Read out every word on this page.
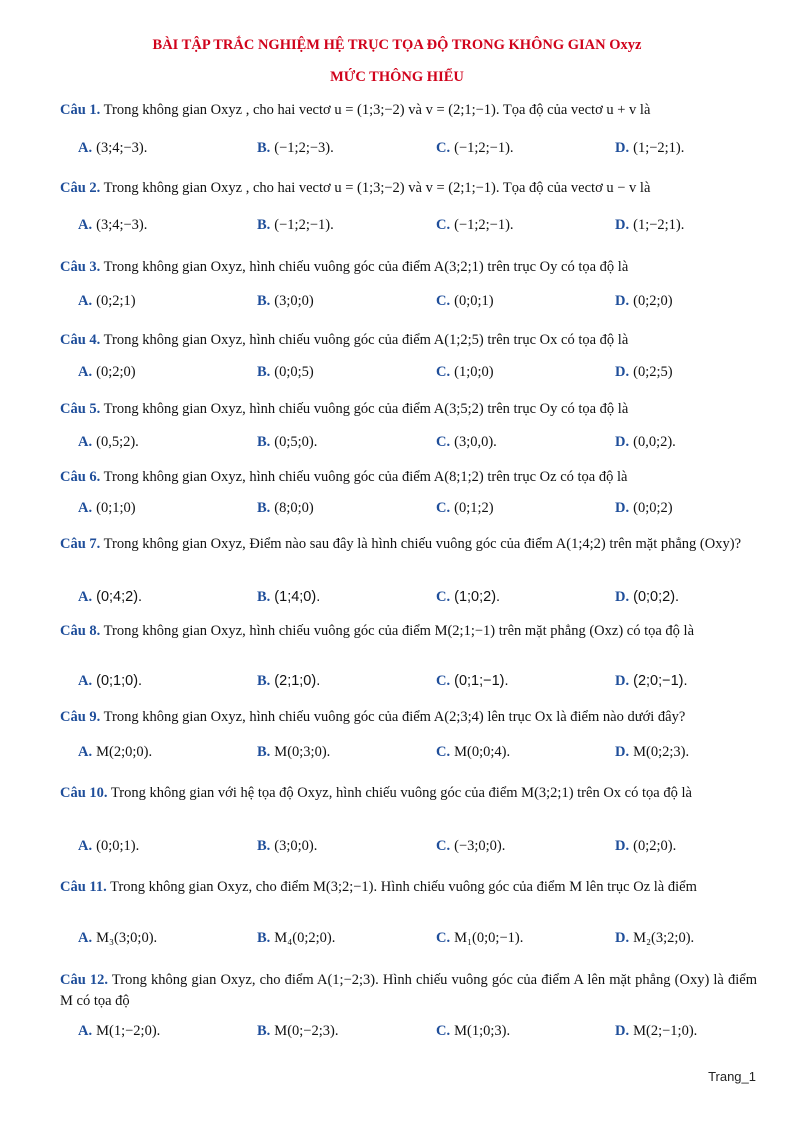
BÀI TẬP TRẮC NGHIỆM HỆ TRỤC TỌA ĐỘ TRONG KHÔNG GIAN Oxyz
MỨC THÔNG HIỂU
Câu 1. Trong không gian Oxyz , cho hai vectơ u = (1;3;−2) và v = (2;1;−1). Tọa độ của vectơ u + v là
A. (3;4;−3).	B. (−1;2;−3).	C. (−1;2;−1).	D. (1;−2;1).
Câu 2. Trong không gian Oxyz , cho hai vectơ u = (1;3;−2) và v = (2;1;−1). Tọa độ của vectơ u − v là
A. (3;4;−3).	B. (−1;2;−1).	C. (−1;2;−1).	D. (1;−2;1).
Câu 3. Trong không gian Oxyz, hình chiếu vuông góc của điểm A(3;2;1) trên trục Oy có tọa độ là
A. (0;2;1)	B. (3;0;0)	C. (0;0;1)	D. (0;2;0)
Câu 4. Trong không gian Oxyz, hình chiếu vuông góc của điểm A(1;2;5) trên trục Ox có tọa độ là
A. (0;2;0)	B. (0;0;5)	C. (1;0;0)	D. (0;2;5)
Câu 5. Trong không gian Oxyz, hình chiếu vuông góc của điểm A(3;5;2) trên trục Oy có tọa độ là
A. (0,5;2).	B. (0;5;0).	C. (3;0,0).	D. (0,0;2).
Câu 6. Trong không gian Oxyz, hình chiếu vuông góc của điểm A(8;1;2) trên trục Oz có tọa độ là
A. (0;1;0)	B. (8;0;0)	C. (0;1;2)	D. (0;0;2)
Câu 7. Trong không gian Oxyz, Điểm nào sau đây là hình chiếu vuông góc của điểm A(1;4;2) trên mặt phẳng (Oxy)?
A. (0;4;2).	B. (1;4;0).	C. (1;0;2).	D. (0;0;2).
Câu 8. Trong không gian Oxyz, hình chiếu vuông góc của điểm M(2;1;−1) trên mặt phẳng (Oxz) có tọa độ là
A. (0;1;0).	B. (2;1;0).	C. (0;1;−1).	D. (2;0;−1).
Câu 9. Trong không gian Oxyz, hình chiếu vuông góc của điểm A(2;3;4) lên trục Ox là điểm nào dưới đây?
A. M(2;0;0).	B. M(0;3;0).	C. M(0;0;4).	D. M(0;2;3).
Câu 10. Trong không gian với hệ tọa độ Oxyz, hình chiếu vuông góc của điểm M(3;2;1) trên Ox có tọa độ là
A. (0;0;1).	B. (3;0;0).	C. (−3;0;0).	D. (0;2;0).
Câu 11. Trong không gian Oxyz, cho điểm M(3;2;−1). Hình chiếu vuông góc của điểm M lên trục Oz là điểm
A. M₃(3;0;0).	B. M₄(0;2;0).	C. M₁(0;0;−1).	D. M₂(3;2;0).
Câu 12. Trong không gian Oxyz, cho điểm A(1;−2;3). Hình chiếu vuông góc của điểm A lên mặt phẳng (Oxy) là điểm M có tọa độ
A. M(1;−2;0).	B. M(0;−2;3).	C. M(1;0;3).	D. M(2;−1;0).
Trang_1
